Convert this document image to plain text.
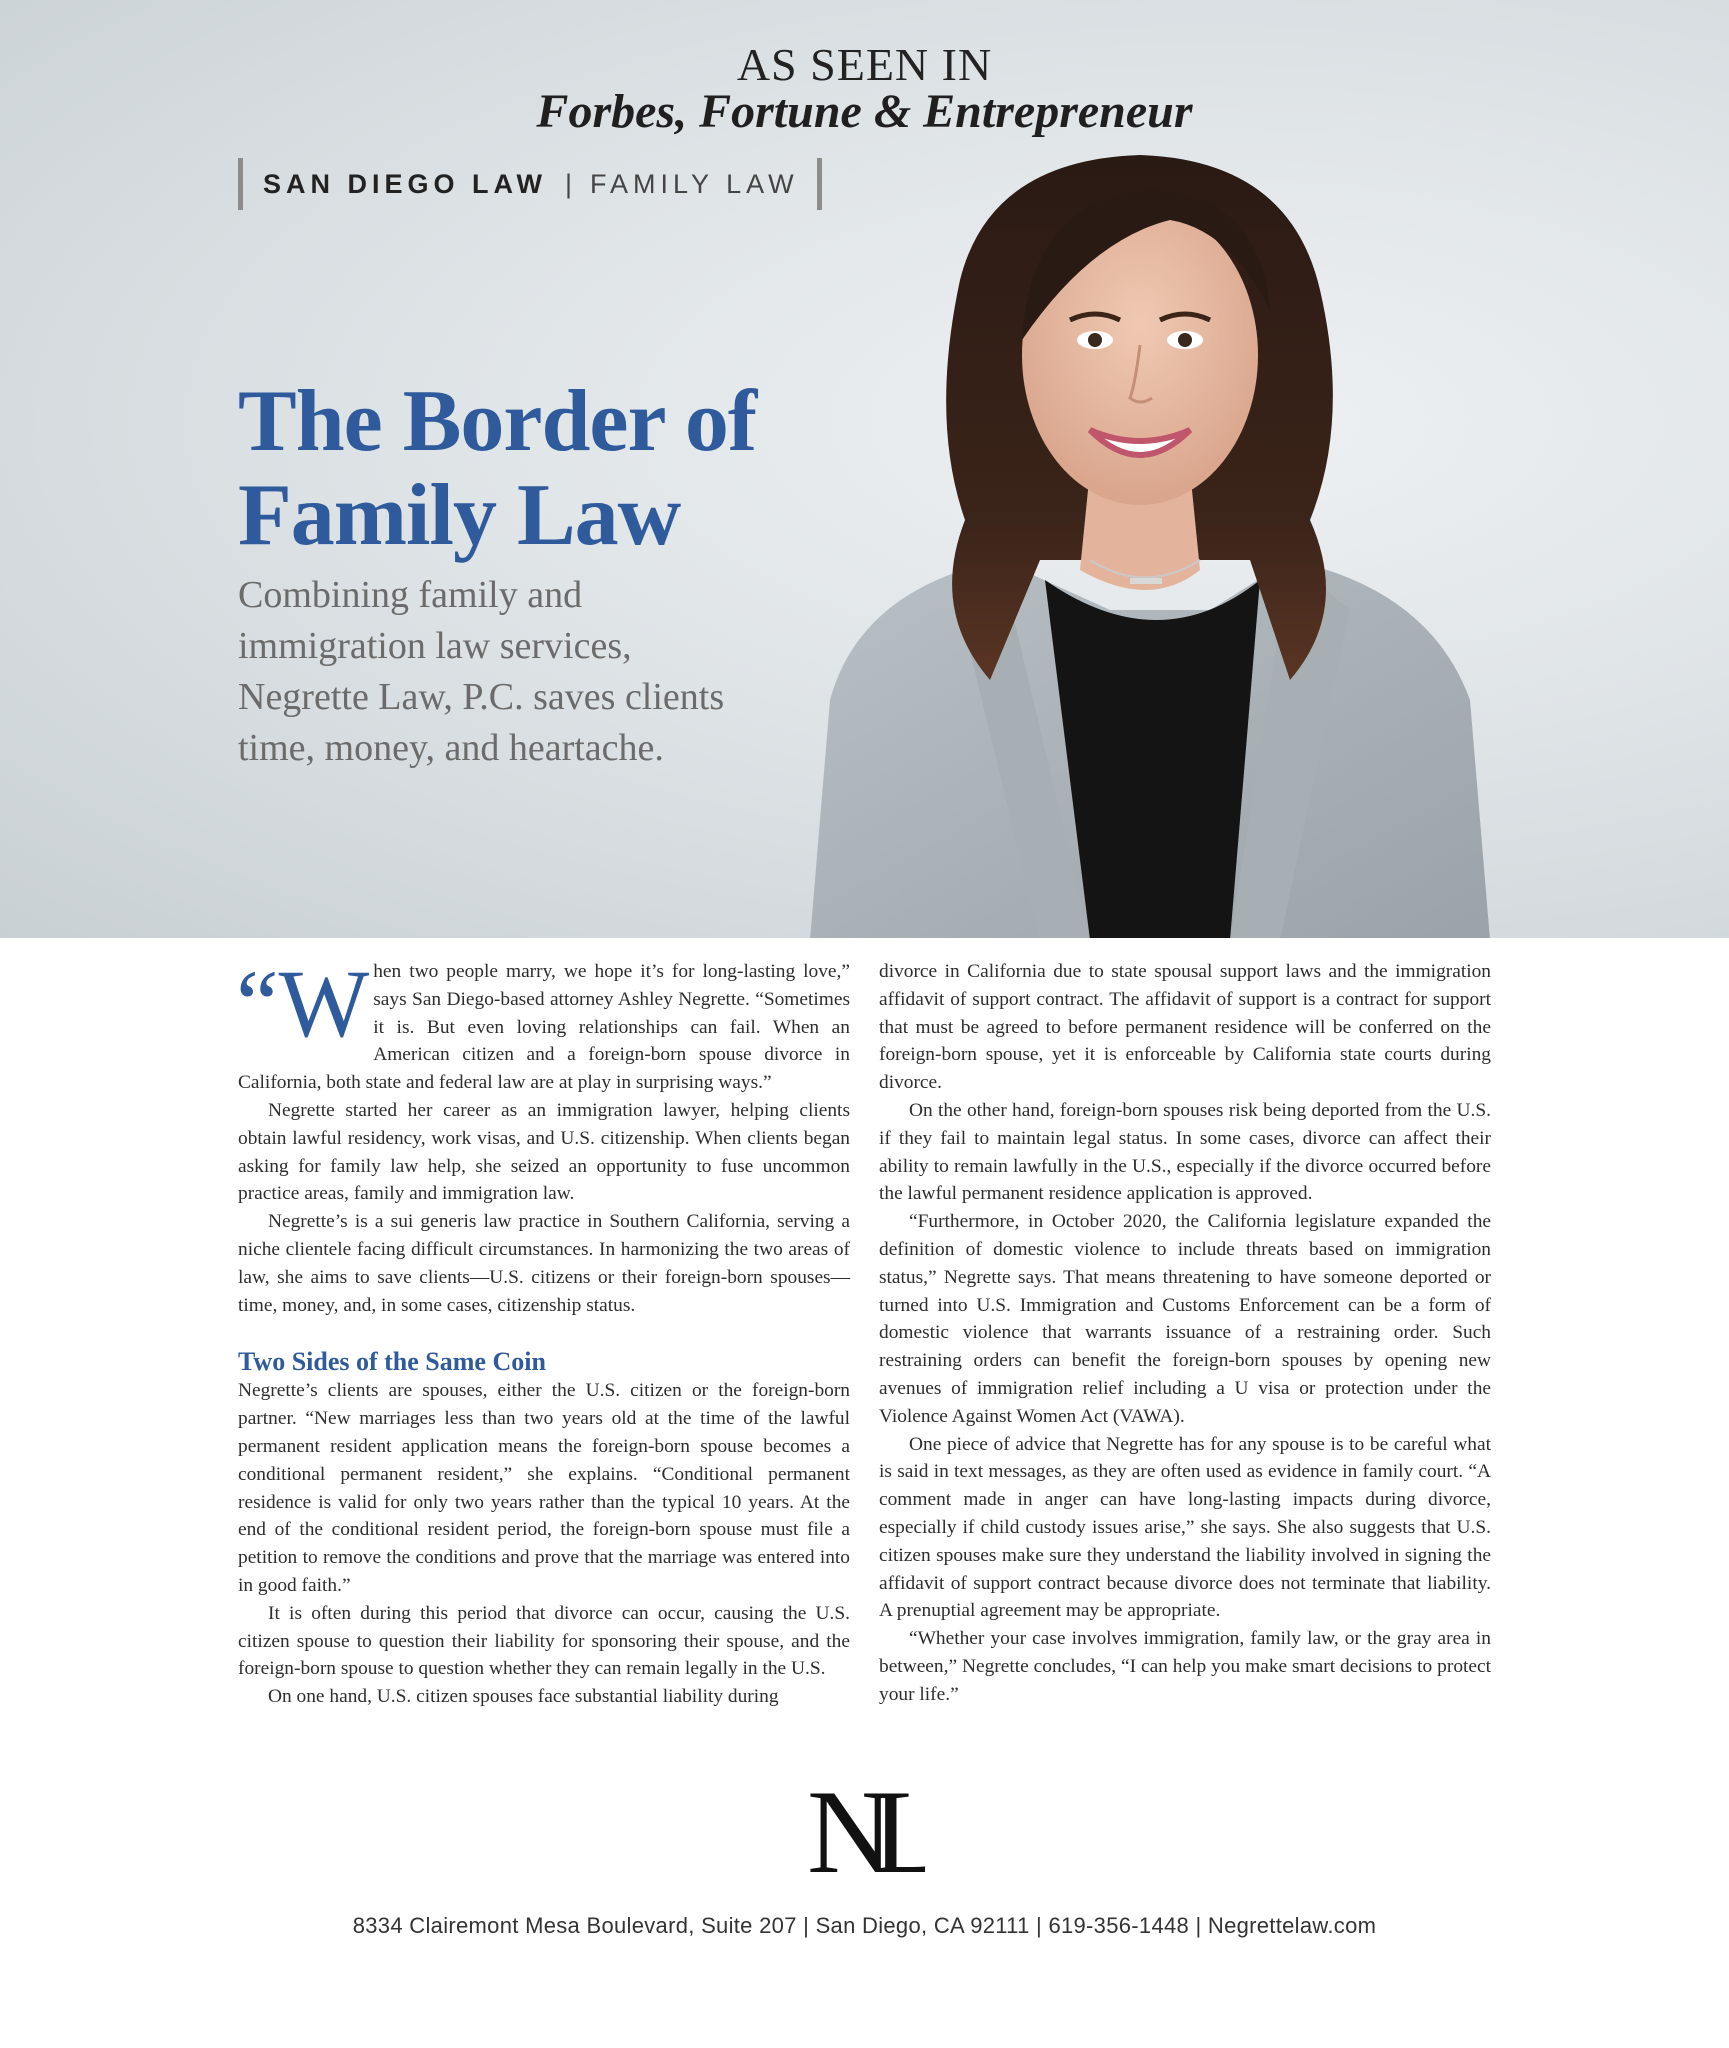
AS SEEN IN
Forbes, Fortune & Entrepreneur
SAN DIEGO LAW | FAMILY LAW
The Border of
Family Law
Combining family and immigration law services, Negrette Law, P.C. saves clients time, money, and heartache.

“W hen two people marry, we hope it’s for long-lasting love,” says San Diego-based attorney Ashley Negrette. “Sometimes it is. But even loving relationships can fail. When an American citizen and a foreign-born spouse divorce in California, both state and federal law are at play in surprising ways.”

Negrette started her career as an immigration lawyer, helping clients obtain lawful residency, work visas, and U.S. citizenship. When clients began asking for family law help, she seized an opportunity to fuse uncommon practice areas, family and immigration law.

Negrette’s is a sui generis law practice in Southern California, serving a niche clientele facing difficult circumstances. In harmonizing the two areas of law, she aims to save clients—U.S. citizens or their foreign-born spouses—time, money, and, in some cases, citizenship status.

Two Sides of the Same Coin

Negrette’s clients are spouses, either the U.S. citizen or the foreign-born partner. “New marriages less than two years old at the time of the lawful permanent resident application means the foreign-born spouse becomes a conditional permanent resident,” she explains. “Conditional permanent residence is valid for only two years rather than the typical 10 years. At the end of the conditional resident period, the foreign-born spouse must file a petition to remove the conditions and prove that the marriage was entered into in good faith.”

It is often during this period that divorce can occur, causing the U.S. citizen spouse to question their liability for sponsoring their spouse, and the foreign-born spouse to question whether they can remain legally in the U.S.

On one hand, U.S. citizen spouses face substantial liability during

divorce in California due to state spousal support laws and the immigration affidavit of support contract. The affidavit of support is a contract for support that must be agreed to before permanent residence will be conferred on the foreign-born spouse, yet it is enforceable by California state courts during divorce.

On the other hand, foreign-born spouses risk being deported from the U.S. if they fail to maintain legal status. In some cases, divorce can affect their ability to remain lawfully in the U.S., especially if the divorce occurred before the lawful permanent residence application is approved.

“Furthermore, in October 2020, the California legislature expanded the definition of domestic violence to include threats based on immigration status,” Negrette says. That means threatening to have someone deported or turned into U.S. Immigration and Customs Enforcement can be a form of domestic violence that warrants issuance of a restraining order. Such restraining orders can benefit the foreign-born spouses by opening new avenues of immigration relief including a U visa or protection under the Violence Against Women Act (VAWA).

One piece of advice that Negrette has for any spouse is to be careful what is said in text messages, as they are often used as evidence in family court. “A comment made in anger can have long-lasting impacts during divorce, especially if child custody issues arise,” she says. She also suggests that U.S. citizen spouses make sure they understand the liability involved in signing the affidavit of support contract because divorce does not terminate that liability. A prenuptial agreement may be appropriate.

“Whether your case involves immigration, family law, or the gray area in between,” Negrette concludes, “I can help you make smart decisions to protect your life.”

NL
8334 Clairemont Mesa Boulevard, Suite 207 | San Diego, CA 92111 | 619-356-1448 | Negrettelaw.com
